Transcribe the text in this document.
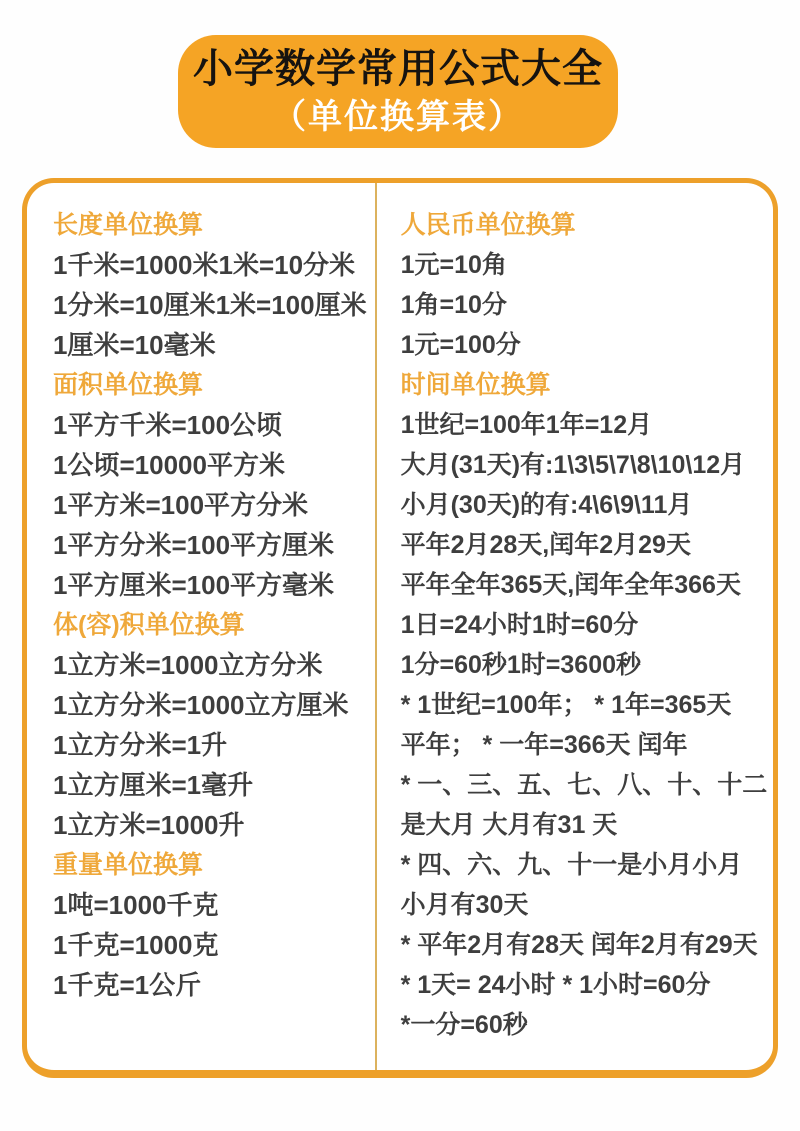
小学数学常用公式大全
（单位换算表）
长度单位换算
1千米=1000米1米=10分米
1分米=10厘米1米=100厘米
1厘米=10毫米
面积单位换算
1平方千米=100公顷
1公顷=10000平方米
1平方米=100平方分米
1平方分米=100平方厘米
1平方厘米=100平方毫米
体(容)积单位换算
1立方米=1000立方分米
1立方分米=1000立方厘米
1立方分米=1升
1立方厘米=1毫升
1立方米=1000升
重量单位换算
1吨=1000千克
1千克=1000克
1千克=1公斤
人民币单位换算
1元=10角
1角=10分
1元=100分
时间单位换算
1世纪=100年1年=12月
大月(31天)有:1\3\5\7\8\10\12月
小月(30天)的有:4\6\9\11月
平年2月28天,闰年2月29天
平年全年365天,闰年全年366天
1日=24小时1时=60分
1分=60秒1时=3600秒
* 1世纪=100年； * 1年=365天
平年； * 一年=366天 闰年
* 一、三、五、七、八、十、十二
是大月 大月有31 天
* 四、六、九、十一是小月小月
小月有30天
* 平年2月有28天 闰年2月有29天
* 1天= 24小时 * 1小时=60分
*一分=60秒
